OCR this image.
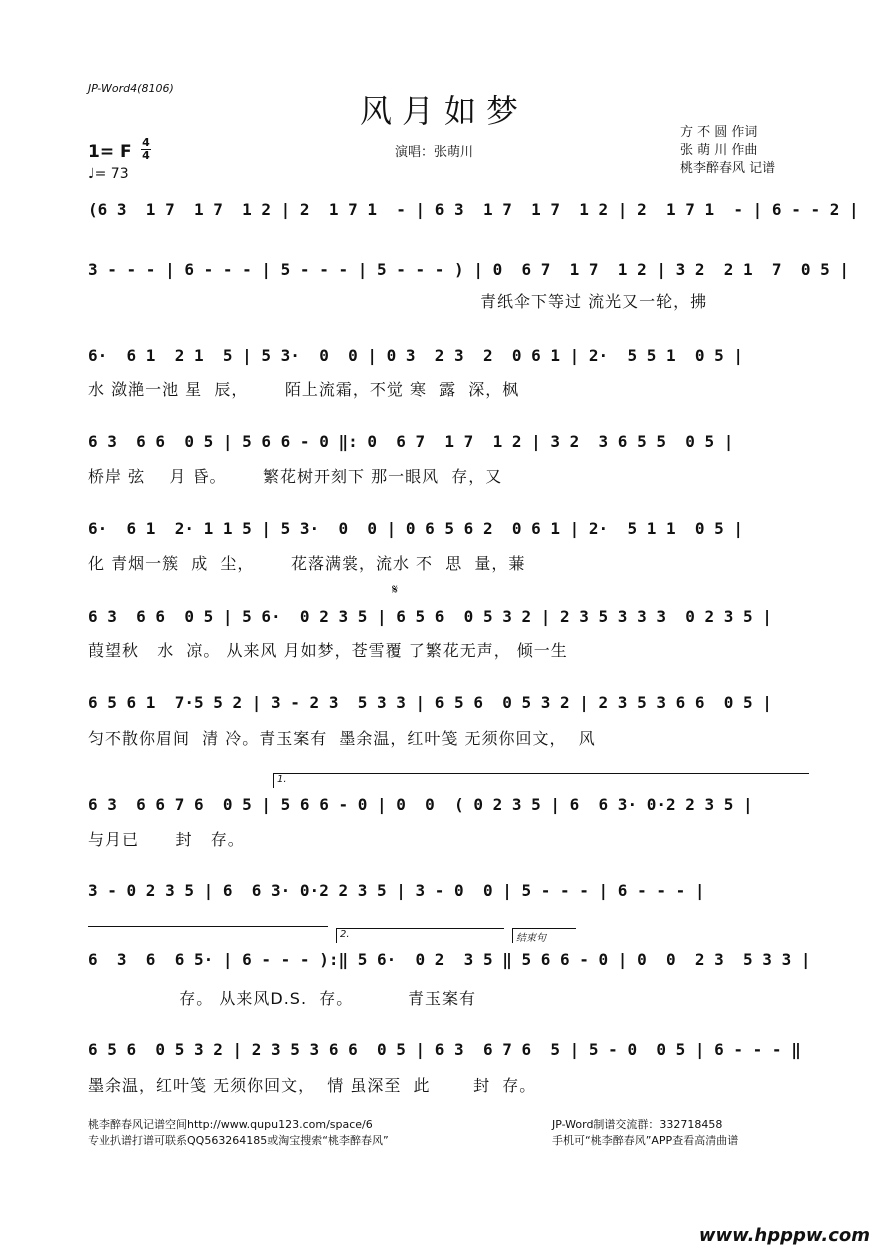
JP-Word4(8106)
风月如梦
演唱：张萌川
方 不 圆 作词
张 萌 川 作曲
桃李醉春风 记谱
1= F 4
4
♩= 73
(6 3  1 7  1 7  1 2 | 2  1 7 1  - | 6 3  1 7  1 7  1 2 | 2  1 7 1  - | 6 - - 2 |
3 - - - | 6 - - - | 5 - - - | 5 - - - ) | 0  6 7  1 7  1 2 | 3 2  2 1  7  0 5 |
青纸伞下等过 流光又一轮，拂
6·  6 1  2 1  5 | 5 3·  0  0 | 0 3  2 3  2  0 6 1 | 2·  5 5 1  0 5 |
水 潋滟一池 星  辰，      陌上流霜，不觉 寒  露  深，枫
6 3  6 6  0 5 | 5 6 6 - 0 ‖: 0  6 7  1 7  1 2 | 3 2  3 6 5 5  0 5 |
桥岸 弦    月 昏。      繁花树开刻下 那一眼风  存，又
6·  6 1  2· 1 1 5 | 5 3·  0  0 | 0 6 5 6 2  0 6 1 | 2·  5 1 1  0 5 |
化 青烟一簇  成  尘，      花落满裳，流水 不  思  量，蒹
𝄋
6 3  6 6  0 5 | 5 6·  0 2 3 5 | 6 5 6  0 5 3 2 | 2 3 5 3 3 3  0 2 3 5 |
葭望秋   水  凉。 从来风 月如梦，苍雪覆 了繁花无声， 倾一生
6 5 6 1  7·5 5 2 | 3 - 2 3  5 3 3 | 6 5 6  0 5 3 2 | 2 3 5 3 6 6  0 5 |
匀不散你眉间  清 冷。青玉案有  墨余温，红叶笺 无须你回文，  风
1.
6 3  6 6 7 6  0 5 | 5 6 6 - 0 | 0  0  ( 0 2 3 5 | 6  6 3· 0·2 2 3 5 |
与月已      封   存。
3 - 0 2 3 5 | 6  6 3· 0·2 2 3 5 | 3 - 0  0 | 5 - - - | 6 - - - |
2.	结束句
6  3  6  6 5· | 6 - - - ):‖ 5 6·  0 2  3 5 ‖ 5 6 6 - 0 | 0  0  2 3  5 3 3 |
存。 从来风D.S.  存。         青玉案有
6 5 6  0 5 3 2 | 2 3 5 3 6 6  0 5 | 6 3  6 7 6  5 | 5 - 0  0 5 | 6 - - - ‖
墨余温，红叶笺 无须你回文，  情 虽深至  此       封  存。
桃李醉春风记谱空间http://www.qupu123.com/space/6
专业扒谱打谱可联系QQ563264185或淘宝搜索“桃李醉春风”
JP-Word制谱交流群：332718458
手机可“桃李醉春风”APP查看高清曲谱
www.hpppw.com
